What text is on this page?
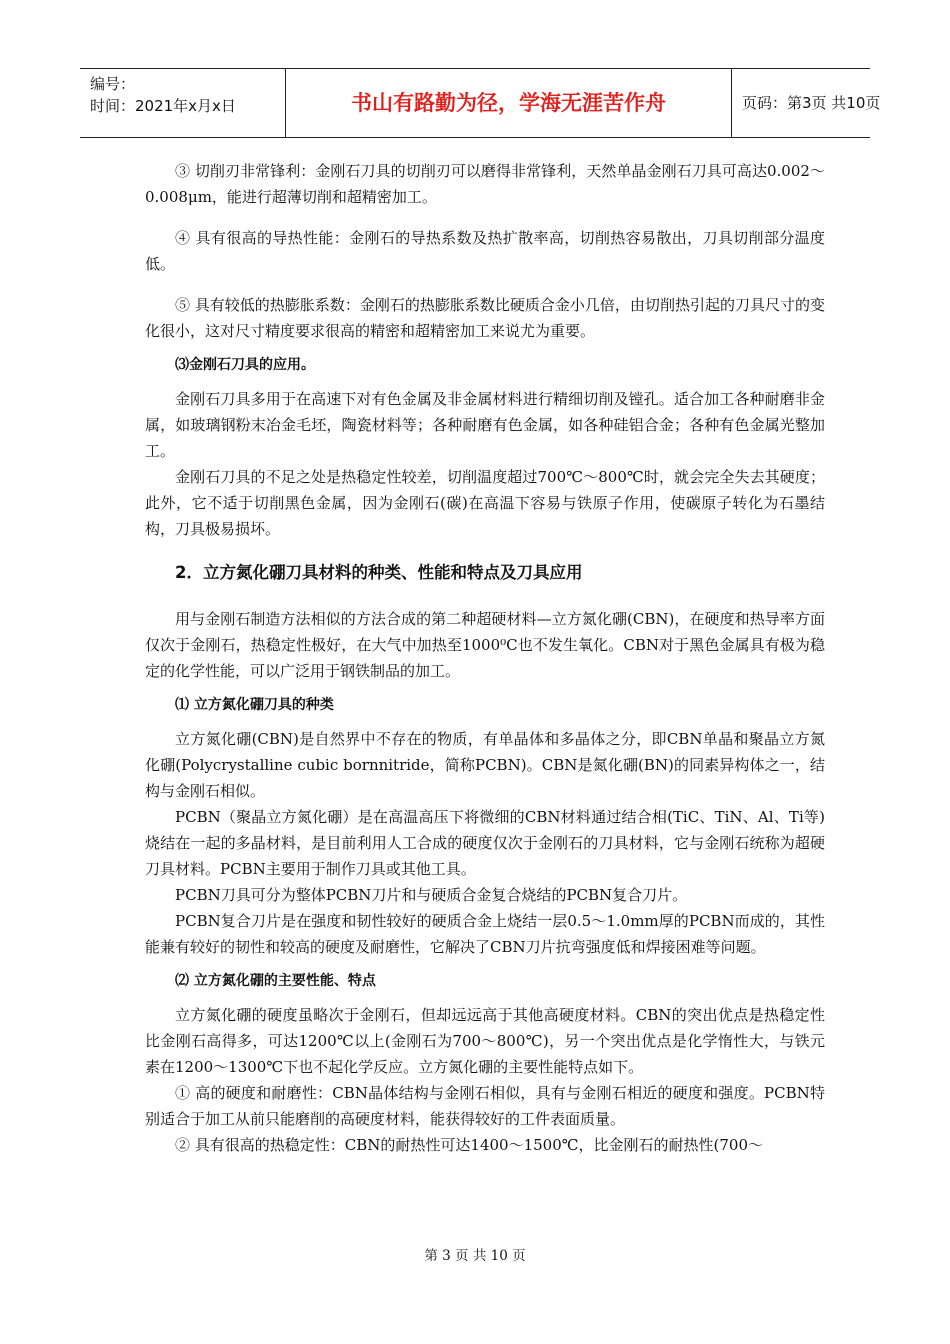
编号：
时间：2021年x月x日	书山有路勤为径，学海无涯苦作舟	页码：第3页 共10页

③ 切削刃非常锋利：金刚石刀具的切削刃可以磨得非常锋利，天然单晶金刚石刀具可高达0.002～0.008μm，能进行超薄切削和超精密加工。

④ 具有很高的导热性能：金刚石的导热系数及热扩散率高，切削热容易散出，刀具切削部分温度低。

⑤ 具有较低的热膨胀系数：金刚石的热膨胀系数比硬质合金小几倍，由切削热引起的刀具尺寸的变化很小，这对尺寸精度要求很高的精密和超精密加工来说尤为重要。

⑶金刚石刀具的应用。

金刚石刀具多用于在高速下对有色金属及非金属材料进行精细切削及镗孔。适合加工各种耐磨非金属，如玻璃钢粉末冶金毛坯，陶瓷材料等；各种耐磨有色金属，如各种硅铝合金；各种有色金属光整加工。

金刚石刀具的不足之处是热稳定性较差，切削温度超过700℃～800℃时，就会完全失去其硬度；此外，它不适于切削黑色金属，因为金刚石(碳)在高温下容易与铁原子作用，使碳原子转化为石墨结构，刀具极易损坏。

2．立方氮化硼刀具材料的种类、性能和特点及刀具应用

用与金刚石制造方法相似的方法合成的第二种超硬材料—立方氮化硼(CBN)，在硬度和热导率方面仅次于金刚石，热稳定性极好，在大气中加热至1000⁰C也不发生氧化。CBN对于黑色金属具有极为稳定的化学性能，可以广泛用于钢铁制品的加工。

⑴ 立方氮化硼刀具的种类

立方氮化硼(CBN)是自然界中不存在的物质，有单晶体和多晶体之分，即CBN单晶和聚晶立方氮化硼(Polycrystalline cubic bornnitride，简称PCBN)。CBN是氮化硼(BN)的同素异构体之一，结构与金刚石相似。

PCBN（聚晶立方氮化硼）是在高温高压下将微细的CBN材料通过结合相(TiC、TiN、Al、Ti等)烧结在一起的多晶材料，是目前利用人工合成的硬度仅次于金刚石的刀具材料，它与金刚石统称为超硬刀具材料。PCBN主要用于制作刀具或其他工具。

PCBN刀具可分为整体PCBN刀片和与硬质合金复合烧结的PCBN复合刀片。

PCBN复合刀片是在强度和韧性较好的硬质合金上烧结一层0.5～1.0mm厚的PCBN而成的，其性能兼有较好的韧性和较高的硬度及耐磨性，它解决了CBN刀片抗弯强度低和焊接困难等问题。

⑵ 立方氮化硼的主要性能、特点

立方氮化硼的硬度虽略次于金刚石，但却远远高于其他高硬度材料。CBN的突出优点是热稳定性比金刚石高得多，可达1200℃以上(金刚石为700～800℃)，另一个突出优点是化学惰性大，与铁元素在1200～1300℃下也不起化学反应。立方氮化硼的主要性能特点如下。

① 高的硬度和耐磨性：CBN晶体结构与金刚石相似，具有与金刚石相近的硬度和强度。PCBN特别适合于加工从前只能磨削的高硬度材料，能获得较好的工件表面质量。

② 具有很高的热稳定性：CBN的耐热性可达1400～1500℃，比金刚石的耐热性(700～

第 3 页 共 10 页
